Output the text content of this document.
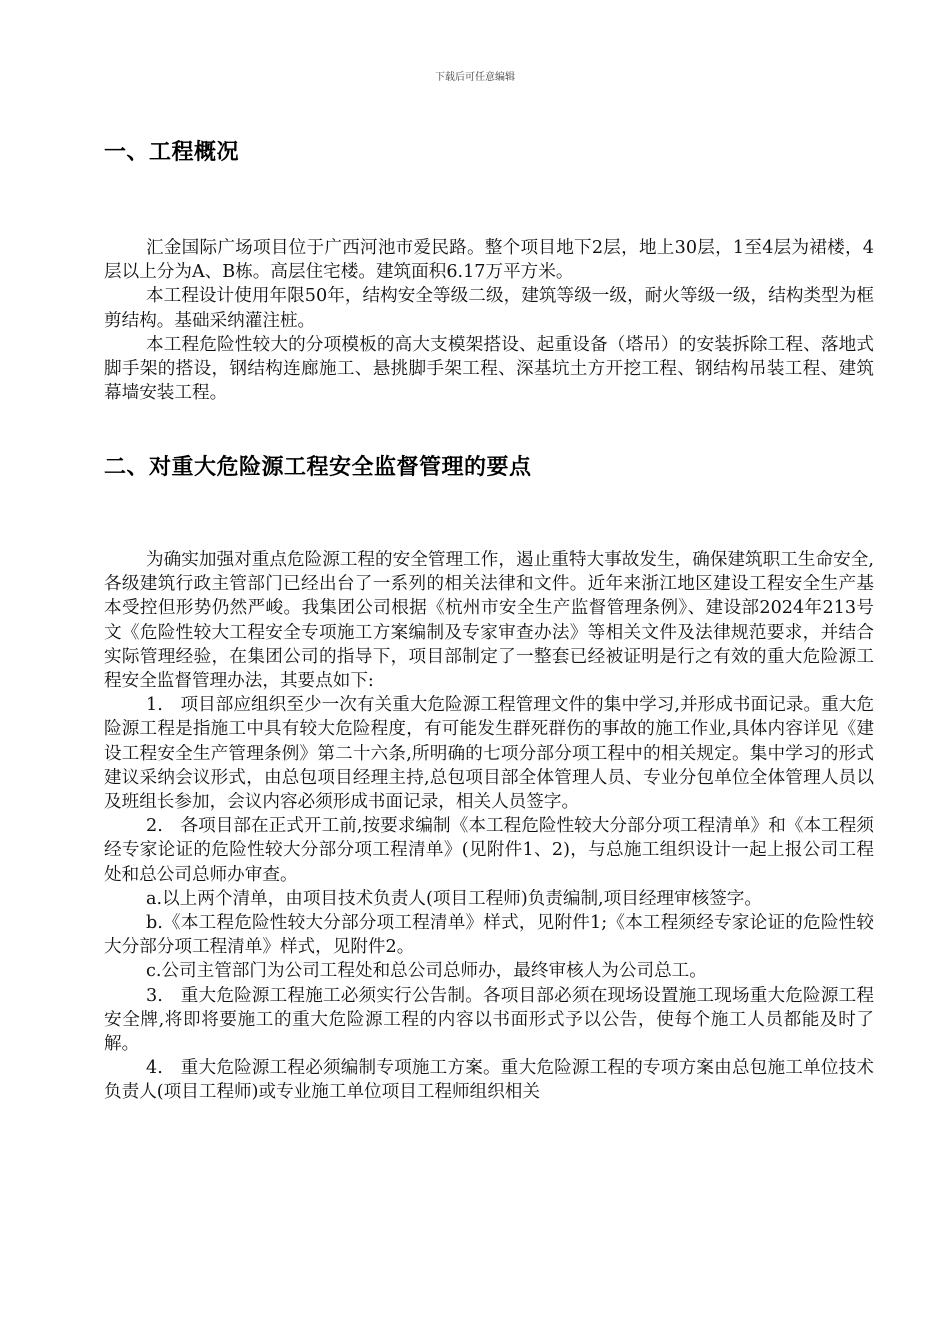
下载后可任意编辑
一、工程概况

汇金国际广场项目位于广西河池市爱民路。整个项目地下2层，地上30层，1至4层为裙楼，4层以上分为A、B栋。高层住宅楼。建筑面积6.17万平方米。

本工程设计使用年限50年，结构安全等级二级，建筑等级一级，耐火等级一级，结构类型为框剪结构。基础采纳灌注桩。

本工程危险性较大的分项模板的高大支模架搭设、起重设备（塔吊）的安装拆除工程、落地式脚手架的搭设，钢结构连廊施工、悬挑脚手架工程、深基坑土方开挖工程、钢结构吊装工程、建筑幕墙安装工程。

二、对重大危险源工程安全监督管理的要点

为确实加强对重点危险源工程的安全管理工作，遏止重特大事故发生，确保建筑职工生命安全,各级建筑行政主管部门已经出台了一系列的相关法律和文件。近年来浙江地区建设工程安全生产基本受控但形势仍然严峻。我集团公司根据《杭州市安全生产监督管理条例》、建设部2024年213号文《危险性较大工程安全专项施工方案编制及专家审查办法》等相关文件及法律规范要求，并结合实际管理经验，在集团公司的指导下，项目部制定了一整套已经被证明是行之有效的重大危险源工程安全监督管理办法，其要点如下:

1.　项目部应组织至少一次有关重大危险源工程管理文件的集中学习,并形成书面记录。重大危险源工程是指施工中具有较大危险程度，有可能发生群死群伤的事故的施工作业,具体内容详见《建设工程安全生产管理条例》第二十六条,所明确的七项分部分项工程中的相关规定。集中学习的形式建议采纳会议形式，由总包项目经理主持,总包项目部全体管理人员、专业分包单位全体管理人员以及班组长参加，会议内容必须形成书面记录，相关人员签字。

2.　各项目部在正式开工前,按要求编制《本工程危险性较大分部分项工程清单》和《本工程须经专家论证的危险性较大分部分项工程清单》(见附件1、2)，与总施工组织设计一起上报公司工程处和总公司总师办审查。

a.以上两个清单，由项目技术负责人(项目工程师)负责编制,项目经理审核签字。

b.《本工程危险性较大分部分项工程清单》样式，见附件1;《本工程须经专家论证的危险性较大分部分项工程清单》样式，见附件2。

c.公司主管部门为公司工程处和总公司总师办，最终审核人为公司总工。

3.　重大危险源工程施工必须实行公告制。各项目部必须在现场设置施工现场重大危险源工程安全牌,将即将要施工的重大危险源工程的内容以书面形式予以公告，使每个施工人员都能及时了解。

4.　重大危险源工程必须编制专项施工方案。重大危险源工程的专项方案由总包施工单位技术负责人(项目工程师)或专业施工单位项目工程师组织相关
